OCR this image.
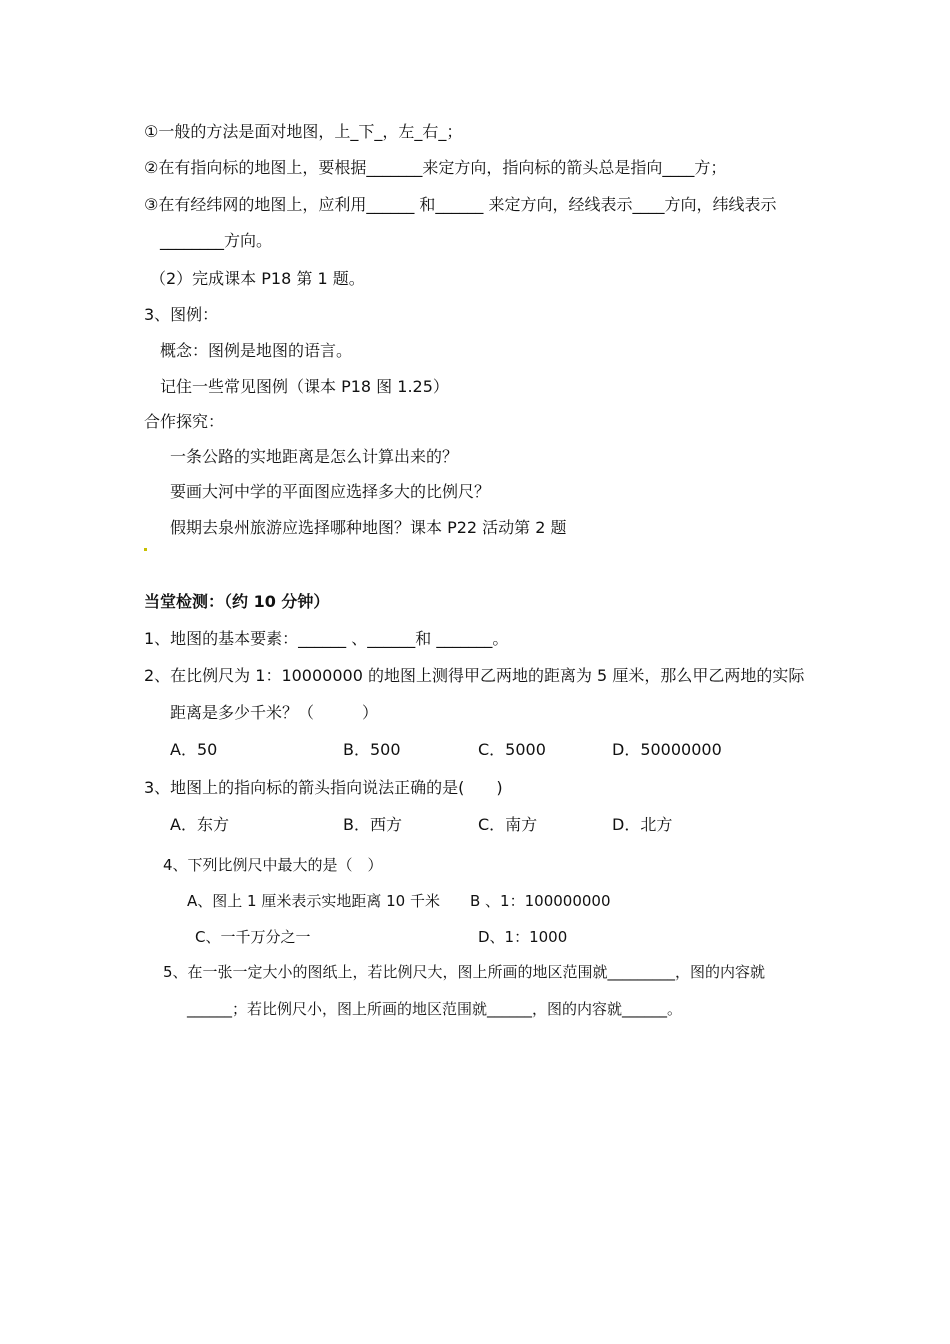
①一般的方法是面对地图，上_下_，左_右_；
②在有指向标的地图上，要根据_______来定方向，指向标的箭头总是指向____方；
③在有经纬网的地图上，应利用______ 和______ 来定方向，经线表示____方向，纬线表示
________方向。
（2）完成课本 P18 第 1 题。
3、图例：
概念：图例是地图的语言。
记住一些常见图例（课本 P18 图 1.25）
合作探究：
一条公路的实地距离是怎么计算出来的？
要画大河中学的平面图应选择多大的比例尺？
假期去泉州旅游应选择哪种地图？课本 P22 活动第 2 题
当堂检测：（约 10 分钟）
1、地图的基本要素：______ 、______和 _______。
2、在比例尺为 1：10000000 的地图上测得甲乙两地的距离为 5 厘米，那么甲乙两地的实际
距离是多少千米？（　　　）
A．50	B．500	C．5000	D．50000000
3、地图上的指向标的箭头指向说法正确的是(　　)
A．东方	B．西方	C．南方	D．北方
4、下列比例尺中最大的是（　）
A、图上 1 厘米表示实地距离 10 千米 B 、1：100000000
C、一千万分之一	D、1：1000
5、在一张一定大小的图纸上，若比例尺大，图上所画的地区范围就_________，图的内容就
______；若比例尺小，图上所画的地区范围就______，图的内容就______。
